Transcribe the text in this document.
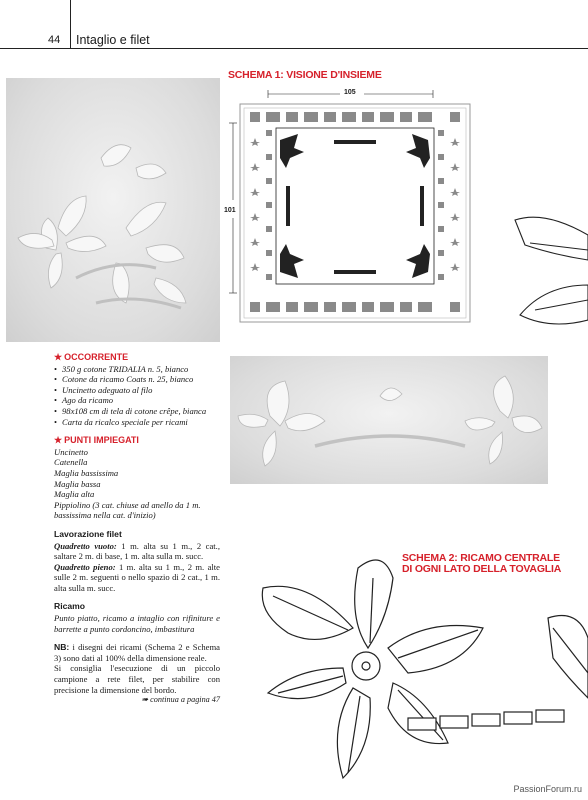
44 Intaglio e filet
SCHEMA 1: VISIONE D'INSIEME
105
101
SCHEMA 2: RICAMO CENTRALE
DI OGNI LATO DELLA TOVAGLIA
★ OCCORRENTE
• 350 g cotone TRIDALIA n. 5, bianco
• Cotone da ricamo Coats n. 25, bianco
• Uncinetto adeguato al filo
• Ago da ricamo
• 98x108 cm di tela di cotone crêpe, bianca
• Carta da ricalco speciale per ricami
★ PUNTI IMPIEGATI
Uncinetto
Catenella
Maglia bassissima
Maglia bassa
Maglia alta
Pippiolino (3 cat. chiuse ad anello da 1 m. bassissima nella cat. d'inizio)
Lavorazione filet
Quadretto vuoto: 1 m. alta su 1 m., 2 cat., saltare 2 m. di base, 1 m. alta sulla m. succ.
Quadretto pieno: 1 m. alta su 1 m., 2 m. alte sulle 2 m. seguenti o nello spazio di 2 cat., 1 m. alta sulla m. succ.
Ricamo
Punto piatto, ricamo a intaglio con rifiniture e barrette a punto cordoncino, imbastitura
NB: i disegni dei ricami (Schema 2 e Schema 3) sono dati al 100% della dimensione reale.
Si consiglia l'esecuzione di un piccolo campione a rete filet, per stabilire con precisione la dimensione del bordo.
➠ continua a pagina 47
PassionForum.ru
